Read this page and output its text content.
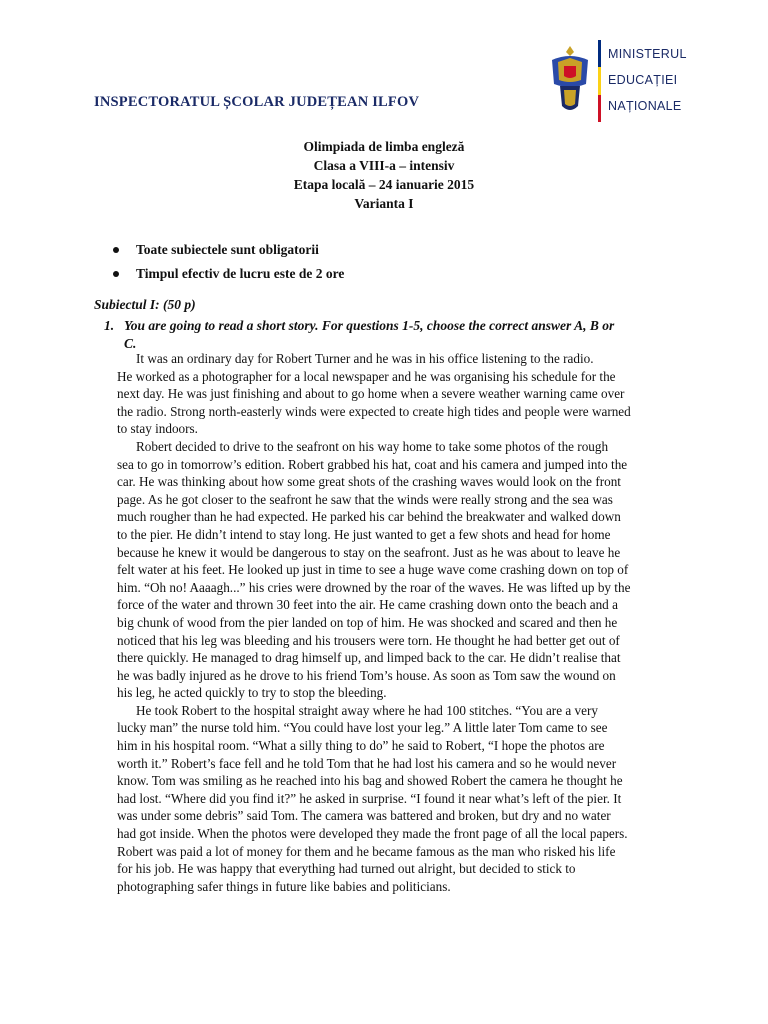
INSPECTORATUL ȘCOLAR JUDEȚEAN ILFOV
MINISTERUL
EDUCAȚIEI
NAȚIONALE
Olimpiada de limba engleză
Clasa a VIII-a – intensiv
Etapa locală – 24 ianuarie 2015
Varianta I
Toate subiectele sunt obligatorii
Timpul efectiv de lucru este de 2 ore
Subiectul I: (50 p)
1. You are going to read a short story. For questions 1-5, choose the correct answer A, B or
C.
It was an ordinary day for Robert Turner and he was in his office listening to the radio.
He worked as a photographer for a local newspaper and he was organising his schedule for the
next day. He was just finishing and about to go home when a severe weather warning came over
the radio. Strong north-easterly winds were expected to create high tides and people were warned
to stay indoors.
Robert decided to drive to the seafront on his way home to take some photos of the rough
sea to go in tomorrow’s edition. Robert grabbed his hat, coat and his camera and jumped into the
car. He was thinking about how some great shots of the crashing waves would look on the front
page. As he got closer to the seafront he saw that the winds were really strong and the sea was
much rougher than he had expected. He parked his car behind the breakwater and walked down
to the pier. He didn’t intend to stay long. He just wanted to get a few shots and head for home
because he knew it would be dangerous to stay on the seafront. Just as he was about to leave he
felt water at his feet. He looked up just in time to see a huge wave come crashing down on top of
him. “Oh no! Aaaagh...” his cries were drowned by the roar of the waves. He was lifted up by the
force of the water and thrown 30 feet into the air. He came crashing down onto the beach and a
big chunk of wood from the pier landed on top of him. He was shocked and scared and then he
noticed that his leg was bleeding and his trousers were torn. He thought he had better get out of
there quickly. He managed to drag himself up, and limped back to the car. He didn’t realise that
he was badly injured as he drove to his friend Tom’s house. As soon as Tom saw the wound on
his leg, he acted quickly to try to stop the bleeding.
He took Robert to the hospital straight away where he had 100 stitches. “You are a very
lucky man” the nurse told him. “You could have lost your leg.” A little later Tom came to see
him in his hospital room. “What a silly thing to do” he said to Robert, “I hope the photos are
worth it.” Robert’s face fell and he told Tom that he had lost his camera and so he would never
know. Tom was smiling as he reached into his bag and showed Robert the camera he thought he
had lost. “Where did you find it?” he asked in surprise. “I found it near what’s left of the pier. It
was under some debris” said Tom. The camera was battered and broken, but dry and no water
had got inside. When the photos were developed they made the front page of all the local papers.
Robert was paid a lot of money for them and he became famous as the man who risked his life
for his job. He was happy that everything had turned out alright, but decided to stick to
photographing safer things in future like babies and politicians.
